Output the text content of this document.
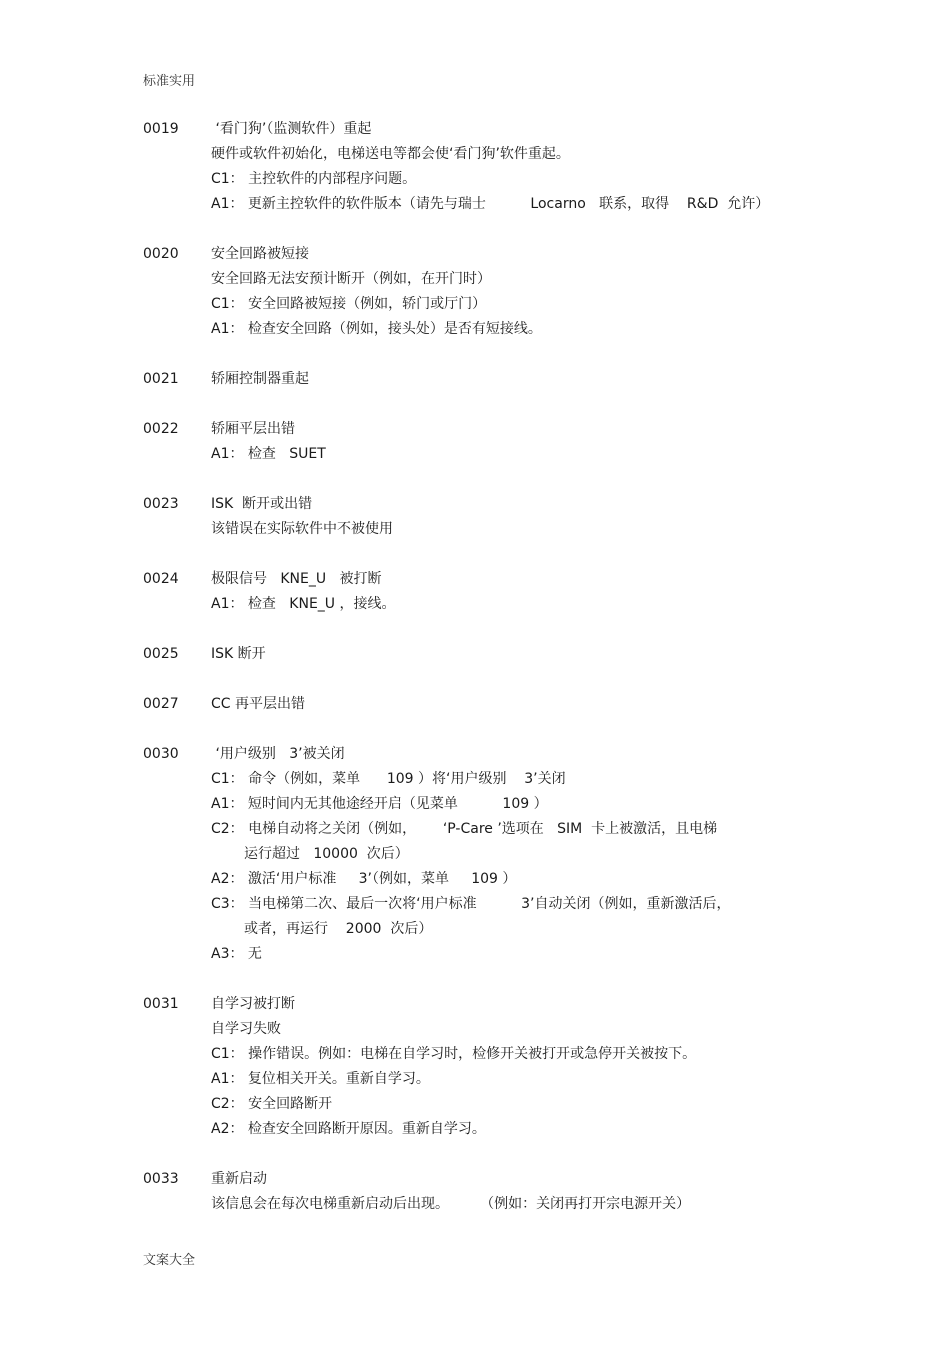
标准实用
0019 ‘看门狗’（监测软件）重起
硬件或软件初始化，电梯送电等都会使‘看门狗’软件重起。
C1： 主控软件的内部程序问题。
A1： 更新主控软件的软件版本（请先与瑞士          Locarno   联系，取得    R&D  允许）
0020 安全回路被短接
安全回路无法安预计断开（例如，在开门时）
C1： 安全回路被短接（例如，轿门或厅门）
A1： 检查安全回路（例如，接头处）是否有短接线。
0021 轿厢控制器重起
0022 轿厢平层出错
A1： 检查   SUET
0023 ISK  断开或出错
该错误在实际软件中不被使用
0024 极限信号   KNE_U   被打断
A1： 检查   KNE_U ，接线。
0025 ISK 断开
0027 CC 再平层出错
0030 ‘用户级别   3’被关闭
C1： 命令（例如，菜单      109 ）将‘用户级别    3’关闭
A1： 短时间内无其他途经开启（见菜单          109 ）
C2： 电梯自动将之关闭（例如，      ‘P-Care ’选项在   SIM  卡上被激活，且电梯
运行超过   10000  次后）
A2： 激活‘用户标准     3’（例如，菜单     109 ）
C3： 当电梯第二次、最后一次将‘用户标准          3’自动关闭（例如，重新激活后，
或者，再运行    2000  次后）
A3： 无
0031 自学习被打断
自学习失败
C1： 操作错误。例如：电梯在自学习时，检修开关被打开或急停开关被按下。
A1： 复位相关开关。重新自学习。
C2： 安全回路断开
A2： 检查安全回路断开原因。重新自学习。
0033 重新启动
该信息会在每次电梯重新启动后出现。       （例如：关闭再打开宗电源开关）
文案大全
